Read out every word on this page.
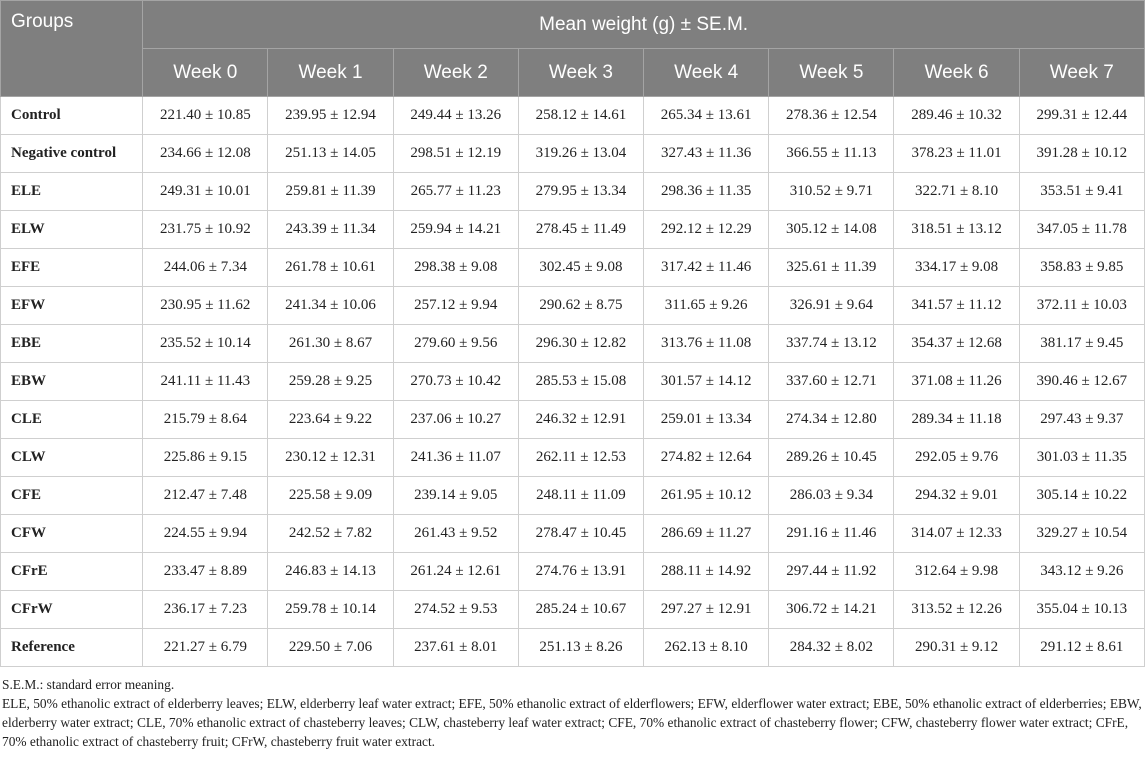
Groups	Mean weight (g) ± SE.M.							
	Week 0	Week 1	Week 2	Week 3	Week 4	Week 5	Week 6	Week 7
Control	221.40 ± 10.85	239.95 ± 12.94	249.44 ± 13.26	258.12 ± 14.61	265.34 ± 13.61	278.36 ± 12.54	289.46 ± 10.32	299.31 ± 12.44
Negative control	234.66 ± 12.08	251.13 ± 14.05	298.51 ± 12.19	319.26 ± 13.04	327.43 ± 11.36	366.55 ± 11.13	378.23 ± 11.01	391.28 ± 10.12
ELE	249.31 ± 10.01	259.81 ± 11.39	265.77 ± 11.23	279.95 ± 13.34	298.36 ± 11.35	310.52 ± 9.71	322.71 ± 8.10	353.51 ± 9.41
ELW	231.75 ± 10.92	243.39 ± 11.34	259.94 ± 14.21	278.45 ± 11.49	292.12 ± 12.29	305.12 ± 14.08	318.51 ± 13.12	347.05 ± 11.78
EFE	244.06 ± 7.34	261.78 ± 10.61	298.38 ± 9.08	302.45 ± 9.08	317.42 ± 11.46	325.61 ± 11.39	334.17 ± 9.08	358.83 ± 9.85
EFW	230.95 ± 11.62	241.34 ± 10.06	257.12 ± 9.94	290.62 ± 8.75	311.65 ± 9.26	326.91 ± 9.64	341.57 ± 11.12	372.11 ± 10.03
EBE	235.52 ± 10.14	261.30 ± 8.67	279.60 ± 9.56	296.30 ± 12.82	313.76 ± 11.08	337.74 ± 13.12	354.37 ± 12.68	381.17 ± 9.45
EBW	241.11 ± 11.43	259.28 ± 9.25	270.73 ± 10.42	285.53 ± 15.08	301.57 ± 14.12	337.60 ± 12.71	371.08 ± 11.26	390.46 ± 12.67
CLE	215.79 ± 8.64	223.64 ± 9.22	237.06 ± 10.27	246.32 ± 12.91	259.01 ± 13.34	274.34 ± 12.80	289.34 ± 11.18	297.43 ± 9.37
CLW	225.86 ± 9.15	230.12 ± 12.31	241.36 ± 11.07	262.11 ± 12.53	274.82 ± 12.64	289.26 ± 10.45	292.05 ± 9.76	301.03 ± 11.35
CFE	212.47 ± 7.48	225.58 ± 9.09	239.14 ± 9.05	248.11 ± 11.09	261.95 ± 10.12	286.03 ± 9.34	294.32 ± 9.01	305.14 ± 10.22
CFW	224.55 ± 9.94	242.52 ± 7.82	261.43 ± 9.52	278.47 ± 10.45	286.69 ± 11.27	291.16 ± 11.46	314.07 ± 12.33	329.27 ± 10.54
CFrE	233.47 ± 8.89	246.83 ± 14.13	261.24 ± 12.61	274.76 ± 13.91	288.11 ± 14.92	297.44 ± 11.92	312.64 ± 9.98	343.12 ± 9.26
CFrW	236.17 ± 7.23	259.78 ± 10.14	274.52 ± 9.53	285.24 ± 10.67	297.27 ± 12.91	306.72 ± 14.21	313.52 ± 12.26	355.04 ± 10.13
Reference	221.27 ± 6.79	229.50 ± 7.06	237.61 ± 8.01	251.13 ± 8.26	262.13 ± 8.10	284.32 ± 8.02	290.31 ± 9.12	291.12 ± 8.61

S.E.M.: standard error meaning.

ELE, 50% ethanolic extract of elderberry leaves; ELW, elderberry leaf water extract; EFE, 50% ethanolic extract of elderflowers; EFW, elderflower water extract; EBE, 50% ethanolic extract of elderberries; EBW, elderberry water extract; CLE, 70% ethanolic extract of chasteberry leaves; CLW, chasteberry leaf water extract; CFE, 70% ethanolic extract of chasteberry flower; CFW, chasteberry flower water extract; CFrE, 70% ethanolic extract of chasteberry fruit; CFrW, chasteberry fruit water extract.
